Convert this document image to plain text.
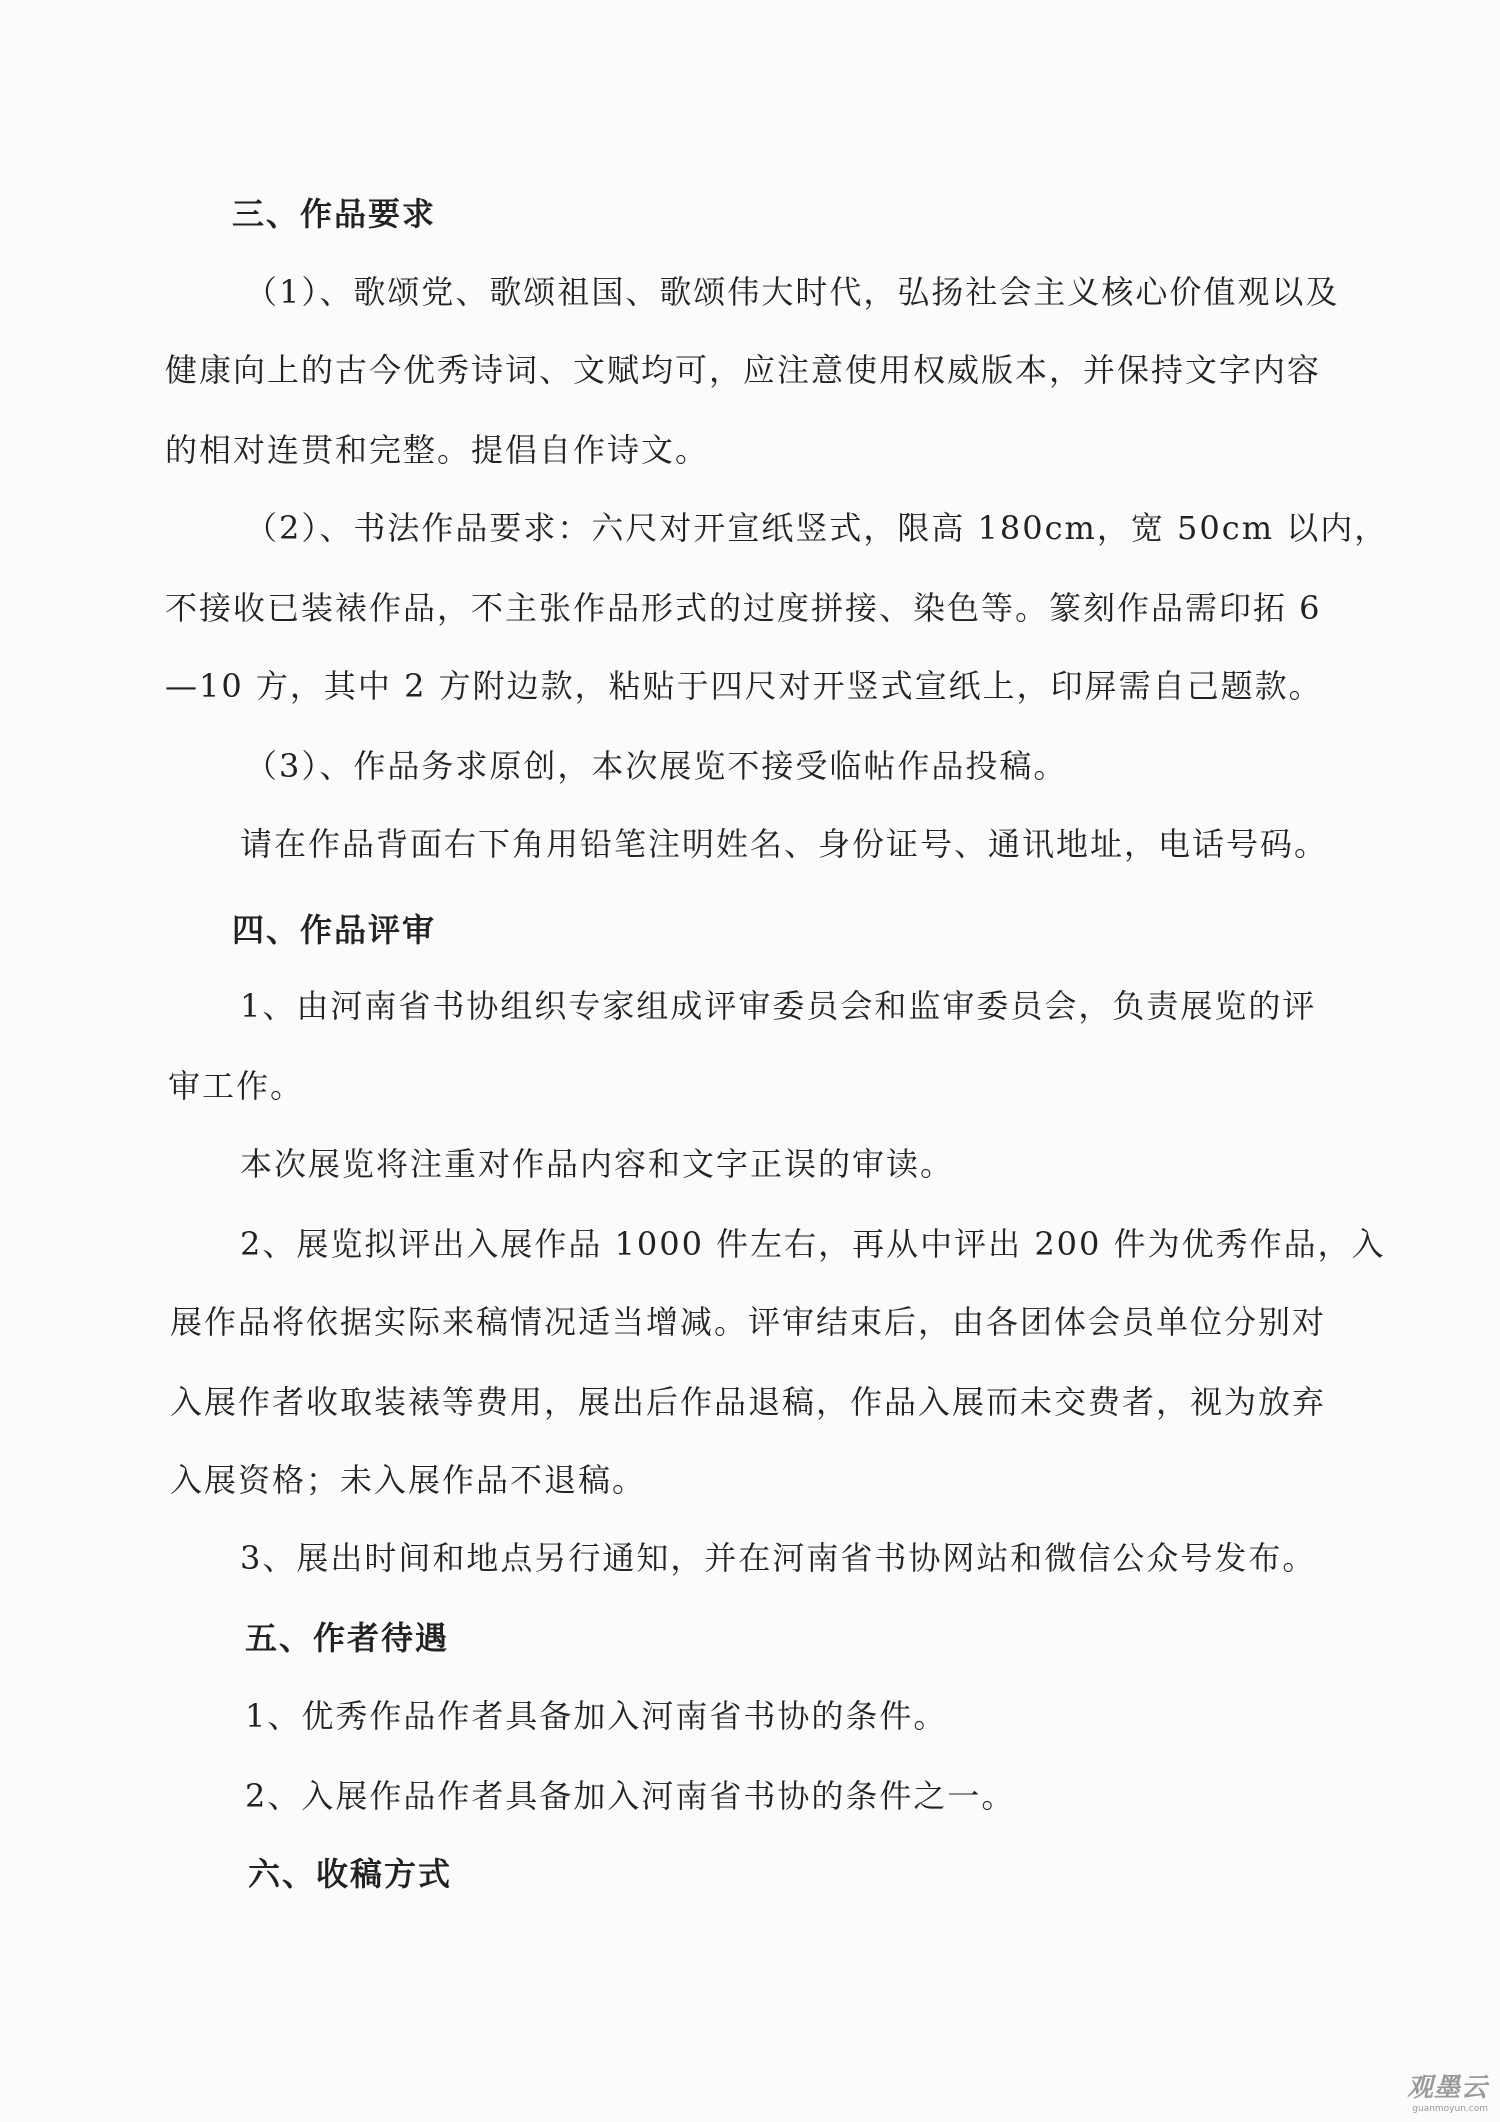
三、作品要求
（1）、歌颂党、歌颂祖国、歌颂伟大时代，弘扬社会主义核心价值观以及
健康向上的古今优秀诗词、文赋均可，应注意使用权威版本，并保持文字内容
的相对连贯和完整。提倡自作诗文。
（2）、书法作品要求：六尺对开宣纸竖式，限高 180cm，宽 50cm 以内，
不接收已装裱作品，不主张作品形式的过度拼接、染色等。篆刻作品需印拓 6
—10 方，其中 2 方附边款，粘贴于四尺对开竖式宣纸上，印屏需自己题款。
（3）、作品务求原创，本次展览不接受临帖作品投稿。
请在作品背面右下角用铅笔注明姓名、身份证号、通讯地址，电话号码。
四、作品评审
1、由河南省书协组织专家组成评审委员会和监审委员会，负责展览的评
审工作。
本次展览将注重对作品内容和文字正误的审读。
2、展览拟评出入展作品 1000 件左右，再从中评出 200 件为优秀作品，入
展作品将依据实际来稿情况适当增减。评审结束后，由各团体会员单位分别对
入展作者收取装裱等费用，展出后作品退稿，作品入展而未交费者，视为放弃
入展资格；未入展作品不退稿。
3、展出时间和地点另行通知，并在河南省书协网站和微信公众号发布。
五、作者待遇
1、优秀作品作者具备加入河南省书协的条件。
2、入展作品作者具备加入河南省书协的条件之一。
六、收稿方式
观墨云
guanmoyun.com
